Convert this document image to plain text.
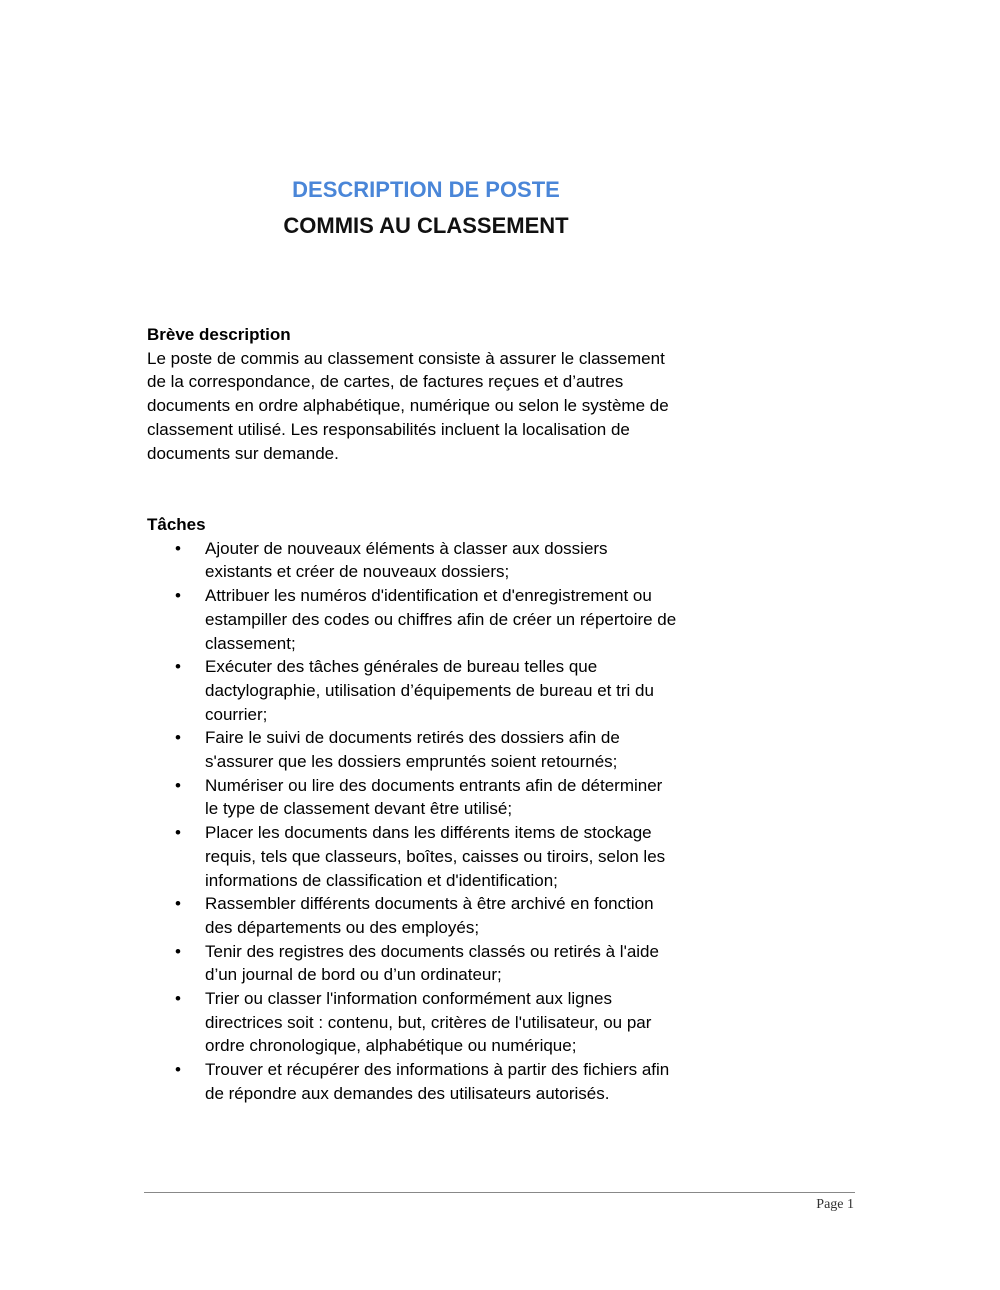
DESCRIPTION DE POSTE
COMMIS AU CLASSEMENT

Brève description

Le poste de commis au classement consiste à assurer le classement

de la correspondance, de cartes, de factures reçues et d’autres

documents en ordre alphabétique, numérique ou selon le système de

classement utilisé. Les responsabilités incluent la localisation de

documents sur demande.

Tâches

• Ajouter de nouveaux éléments à classer aux dossiers
existants et créer de nouveaux dossiers;
• Attribuer les numéros d'identification et d'enregistrement ou
estampiller des codes ou chiffres afin de créer un répertoire de
classement;
• Exécuter des tâches générales de bureau telles que
dactylographie, utilisation d’équipements de bureau et tri du
courrier;
• Faire le suivi de documents retirés des dossiers afin de
s'assurer que les dossiers empruntés soient retournés;
• Numériser ou lire des documents entrants afin de déterminer
le type de classement devant être utilisé;
• Placer les documents dans les différents items de stockage
requis, tels que classeurs, boîtes, caisses ou tiroirs, selon les
informations de classification et d'identification;
• Rassembler différents documents à être archivé en fonction
des départements ou des employés;
• Tenir des registres des documents classés ou retirés à l'aide
d’un journal de bord ou d’un ordinateur;
• Trier ou classer l'information conformément aux lignes
directrices soit : contenu, but, critères de l'utilisateur, ou par
ordre chronologique, alphabétique ou numérique;
• Trouver et récupérer des informations à partir des fichiers afin
de répondre aux demandes des utilisateurs autorisés.
Page 1
